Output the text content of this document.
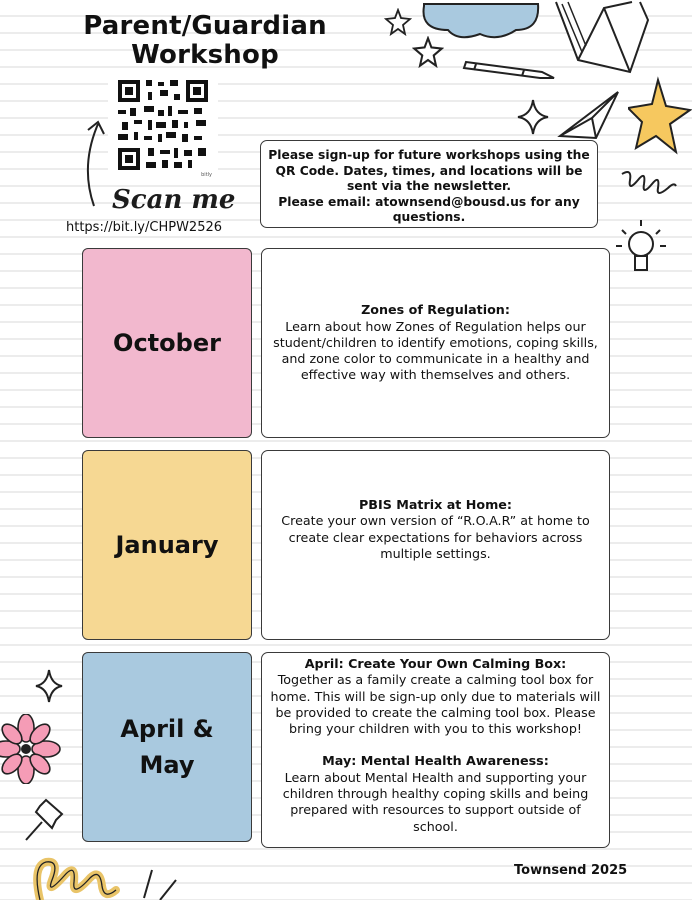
Parent/Guardian
Workshop
bitly
Scan me
https://bit.ly/CHPW2526
Please sign-up for future workshops using the QR Code. Dates, times, and locations will be sent via the newsletter.
Please email: atownsend@bousd.us for any questions.
October
Zones of Regulation:
Learn about how Zones of Regulation helps our student/children to identify emotions, coping skills, and zone color to communicate in a healthy and effective way with themselves and others.
January
PBIS Matrix at Home:
Create your own version of “R.O.A.R” at home to create clear expectations for behaviors across multiple settings.
April &
May
April: Create Your Own Calming Box:
Together as a family create a calming tool box for home. This will be sign-up only due to materials will be provided to create the calming tool box. Please bring your children with you to this workshop!
May: Mental Health Awareness:
Learn about Mental Health and supporting your children through healthy coping skills and being prepared with resources to support outside of school.
Townsend 2025
